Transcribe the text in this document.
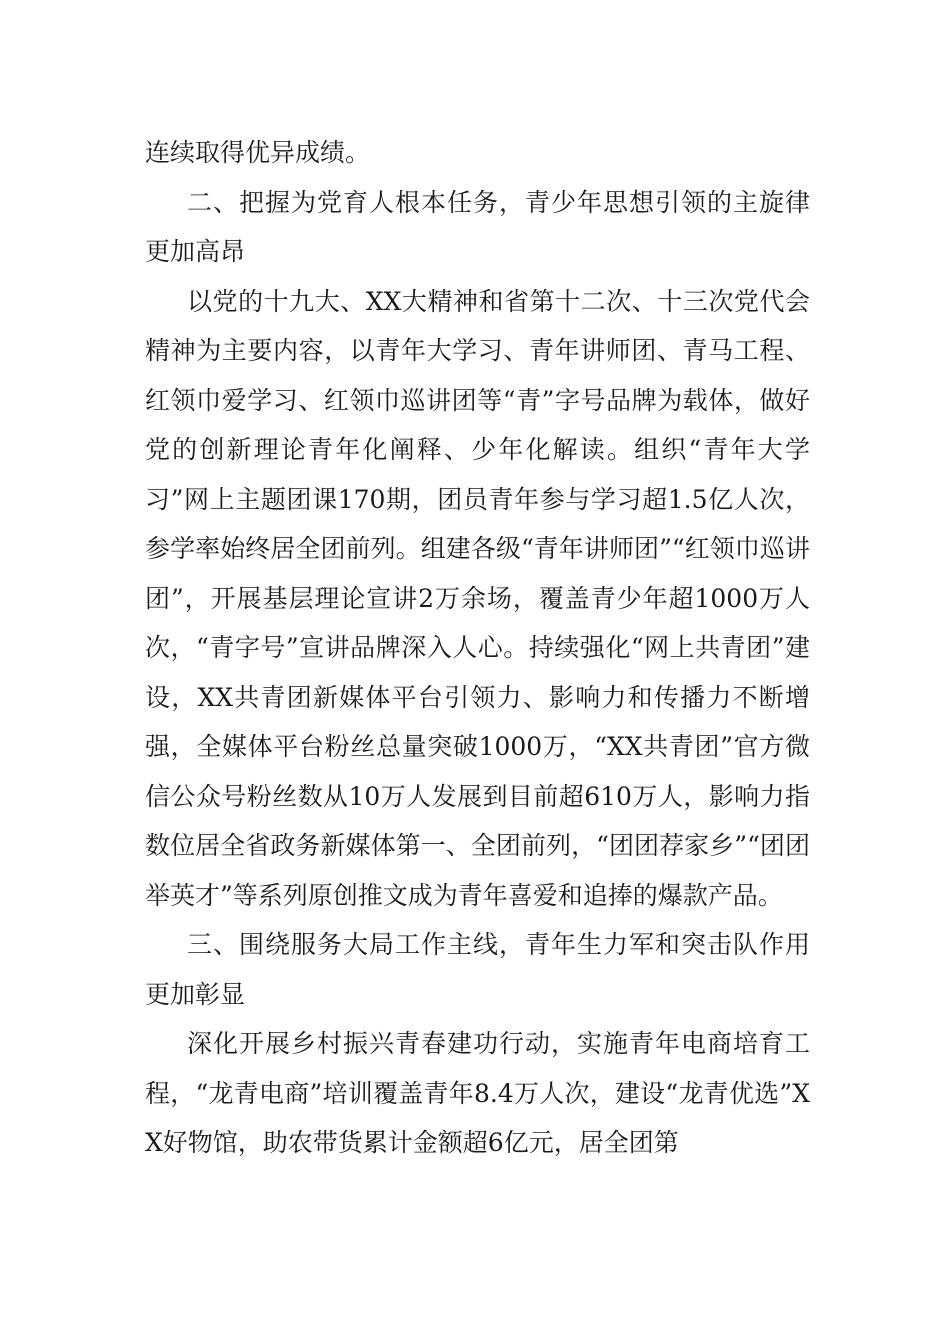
连续取得优异成绩。

二、把握为党育人根本任务，青少年思想引领的主旋律更加高昂

以党的十九大、XX大精神和省第十二次、十三次党代会精神为主要内容，以青年大学习、青年讲师团、青马工程、红领巾爱学习、红领巾巡讲团等“青”字号品牌为载体，做好党的创新理论青年化阐释、少年化解读。组织“青年大学习”网上主题团课170期，团员青年参与学习超1.5亿人次，参学率始终居全团前列。组建各级“青年讲师团”“红领巾巡讲团”，开展基层理论宣讲2万余场，覆盖青少年超1000万人次，“青字号”宣讲品牌深入人心。持续强化“网上共青团”建设，XX共青团新媒体平台引领力、影响力和传播力不断增强，全媒体平台粉丝总量突破1000万，“XX共青团”官方微信公众号粉丝数从10万人发展到目前超610万人，影响力指数位居全省政务新媒体第一、全团前列，“团团荐家乡”“团团举英才”等系列原创推文成为青年喜爱和追捧的爆款产品。

三、围绕服务大局工作主线，青年生力军和突击队作用更加彰显

深化开展乡村振兴青春建功行动，实施青年电商培育工程，“龙青电商”培训覆盖青年8.4万人次，建设“龙青优选”XX好物馆，助农带货累计金额超6亿元，居全团第
